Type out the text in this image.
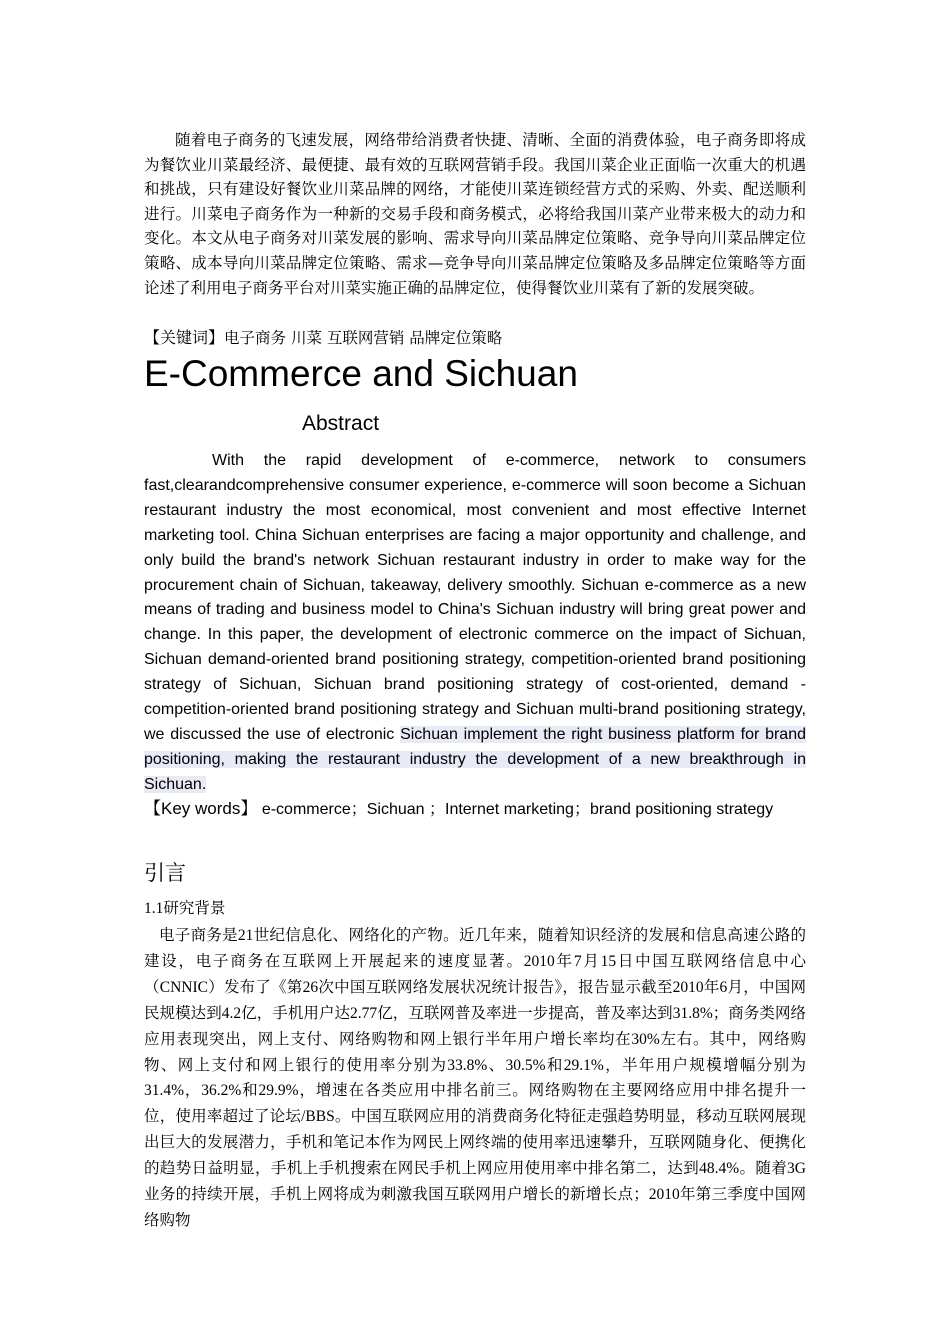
随着电子商务的飞速发展，网络带给消费者快捷、清晰、全面的消费体验，电子商务即将成为餐饮业川菜最经济、最便捷、最有效的互联网营销手段。我国川菜企业正面临一次重大的机遇和挑战，只有建设好餐饮业川菜品牌的网络，才能使川菜连锁经营方式的采购、外卖、配送顺利进行。川菜电子商务作为一种新的交易手段和商务模式，必将给我国川菜产业带来极大的动力和变化。本文从电子商务对川菜发展的影响、需求导向川菜品牌定位策略、竞争导向川菜品牌定位策略、成本导向川菜品牌定位策略、需求—竞争导向川菜品牌定位策略及多品牌定位策略等方面论述了利用电子商务平台对川菜实施正确的品牌定位，使得餐饮业川菜有了新的发展突破。

【关键词】电子商务 川菜 互联网营销 品牌定位策略

E-Commerce and Sichuan
Abstract

With the rapid development of e-commerce, network to consumers fast,clearandcomprehensive consumer experience, e-commerce will soon become a Sichuan restaurant industry the most economical, most convenient and most effective Internet marketing tool. China Sichuan enterprises are facing a major opportunity and challenge, and only build the brand's network Sichuan restaurant industry in order to make way for the procurement chain of Sichuan, takeaway, delivery smoothly. Sichuan e-commerce as a new means of trading and business model to China's Sichuan industry will bring great power and change. In this paper, the development of electronic commerce on the impact of Sichuan, Sichuan demand-oriented brand positioning strategy, competition-oriented brand positioning strategy of Sichuan, Sichuan brand positioning strategy of cost-oriented, demand - competition-oriented brand positioning strategy and Sichuan multi-brand positioning strategy, we discussed the use of electronic Sichuan implement the right business platform for brand positioning, making the restaurant industry the development of a new breakthrough in Sichuan.

【Key words】 e-commerce；Sichuan ；Internet marketing；brand positioning strategy

引言
1.1研究背景

电子商务是21世纪信息化、网络化的产物。近几年来，随着知识经济的发展和信息高速公路的建设，电子商务在互联网上开展起来的速度显著。2010年7月15日中国互联网络信息中心（CNNIC）发布了《第26次中国互联网络发展状况统计报告》，报告显示截至2010年6月，中国网民规模达到4.2亿，手机用户达2.77亿，互联网普及率进一步提高，普及率达到31.8%；商务类网络应用表现突出，网上支付、网络购物和网上银行半年用户增长率均在30%左右。其中，网络购物、网上支付和网上银行的使用率分别为33.8%、30.5%和29.1%，半年用户规模增幅分别为31.4%，36.2%和29.9%，增速在各类应用中排名前三。网络购物在主要网络应用中排名提升一位，使用率超过了论坛/BBS。中国互联网应用的消费商务化特征走强趋势明显，移动互联网展现出巨大的发展潜力，手机和笔记本作为网民上网终端的使用率迅速攀升，互联网随身化、便携化的趋势日益明显，手机上手机搜索在网民手机上网应用使用率中排名第二，达到48.4%。随着3G业务的持续开展，手机上网将成为刺激我国互联网用户增长的新增长点；2010年第三季度中国网络购物
